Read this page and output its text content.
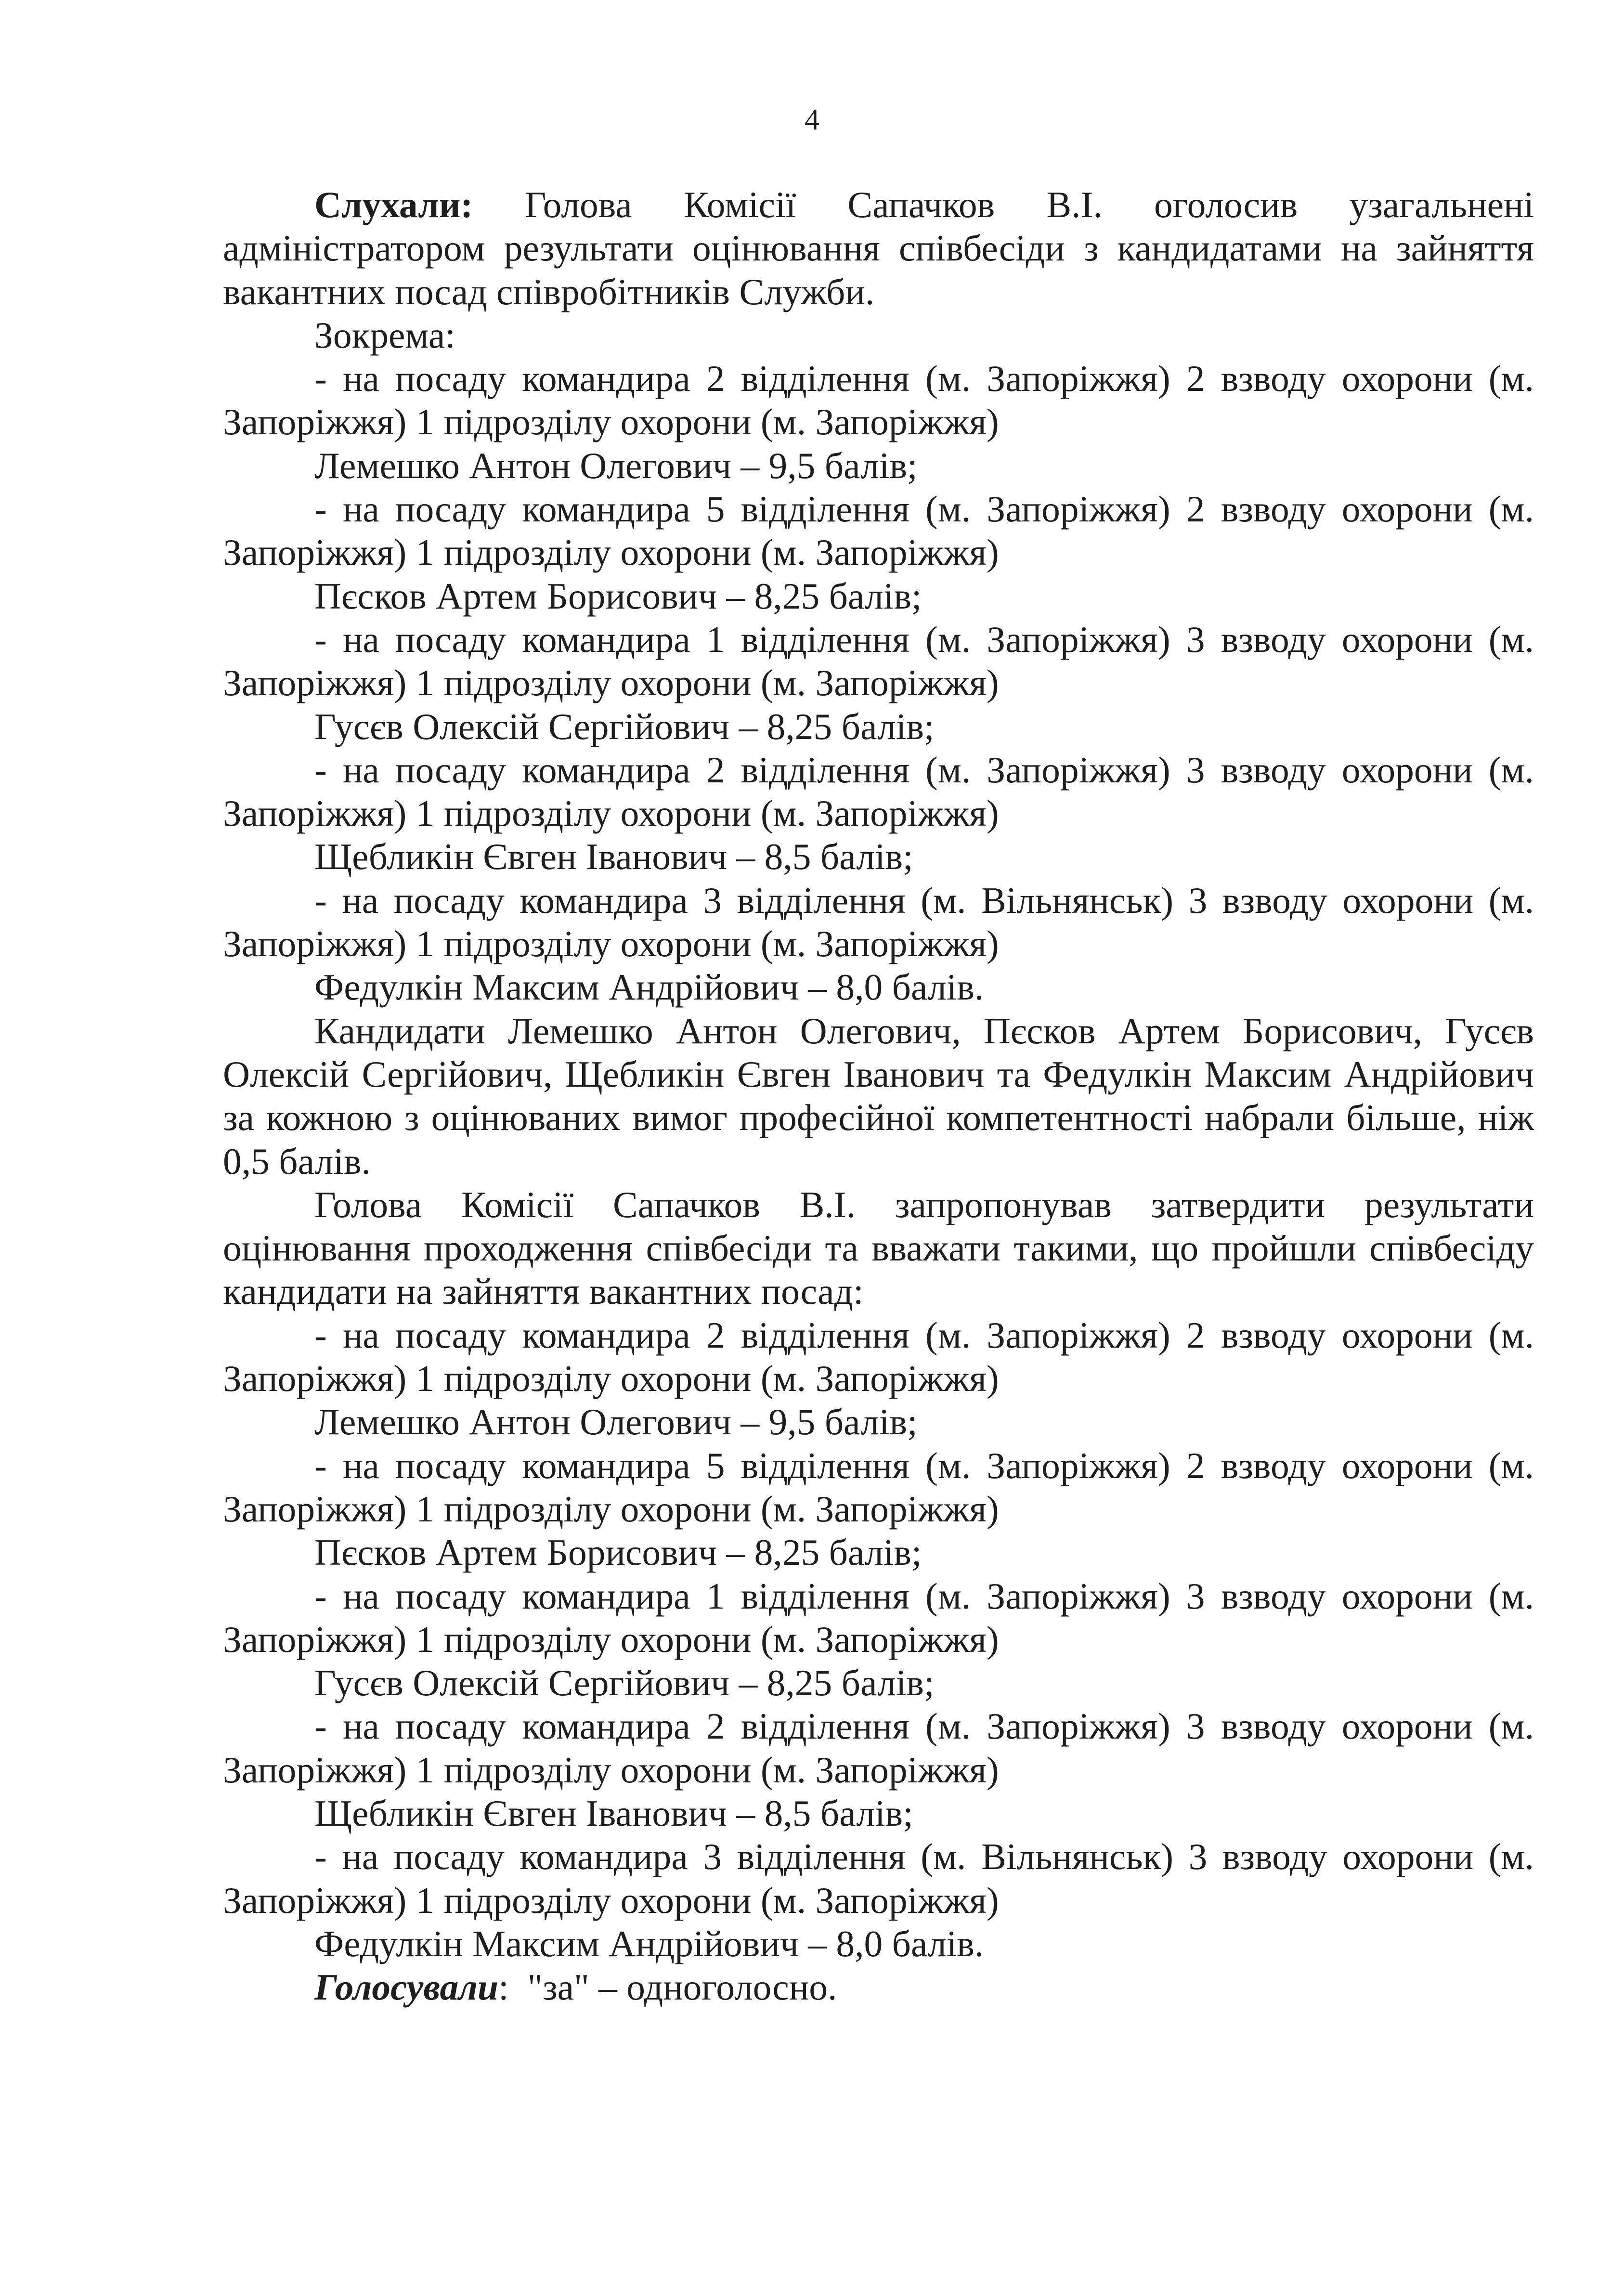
4

Слухали: Голова Комісії Сапачков В.І. оголосив узагальнені адміністратором результати оцінювання співбесіди з кандидатами на зайняття вакантних посад співробітників Служби.

Зокрема:

- на посаду командира 2 відділення (м. Запоріжжя) 2 взводу охорони (м.

Запоріжжя) 1 підрозділу охорони (м. Запоріжжя)

Лемешко Антон Олегович – 9,5 балів;

- на посаду командира 5 відділення (м. Запоріжжя) 2 взводу охорони (м.

Запоріжжя) 1 підрозділу охорони (м. Запоріжжя)

Пєсков Артем Борисович – 8,25 балів;

- на посаду командира 1 відділення (м. Запоріжжя) 3 взводу охорони (м.

Запоріжжя) 1 підрозділу охорони (м. Запоріжжя)

Гусєв Олексій Сергійович – 8,25 балів;

- на посаду командира 2 відділення (м. Запоріжжя) 3 взводу охорони (м.

Запоріжжя) 1 підрозділу охорони (м. Запоріжжя)

Щебликін Євген Іванович – 8,5 балів;

- на посаду командира 3 відділення (м. Вільнянськ) 3 взводу охорони (м.

Запоріжжя) 1 підрозділу охорони (м. Запоріжжя)

Федулкін Максим Андрійович – 8,0 балів.

Кандидати Лемешко Антон Олегович, Пєсков Артем Борисович, Гусєв Олексій Сергійович, Щебликін Євген Іванович та Федулкін Максим Андрійович за кожною з оцінюваних вимог професійної компетентності набрали більше, ніж 0,5 балів.

Голова Комісії Сапачков В.І. запропонував затвердити результати оцінювання проходження співбесіди та вважати такими, що пройшли співбесіду кандидати на зайняття вакантних посад:

- на посаду командира 2 відділення (м. Запоріжжя) 2 взводу охорони (м.

Запоріжжя) 1 підрозділу охорони (м. Запоріжжя)

Лемешко Антон Олегович – 9,5 балів;

- на посаду командира 5 відділення (м. Запоріжжя) 2 взводу охорони (м.

Запоріжжя) 1 підрозділу охорони (м. Запоріжжя)

Пєсков Артем Борисович – 8,25 балів;

- на посаду командира 1 відділення (м. Запоріжжя) 3 взводу охорони (м.

Запоріжжя) 1 підрозділу охорони (м. Запоріжжя)

Гусєв Олексій Сергійович – 8,25 балів;

- на посаду командира 2 відділення (м. Запоріжжя) 3 взводу охорони (м.

Запоріжжя) 1 підрозділу охорони (м. Запоріжжя)

Щебликін Євген Іванович – 8,5 балів;

- на посаду командира 3 відділення (м. Вільнянськ) 3 взводу охорони (м.

Запоріжжя) 1 підрозділу охорони (м. Запоріжжя)

Федулкін Максим Андрійович – 8,0 балів.

Голосували:  "за" – одноголосно.
